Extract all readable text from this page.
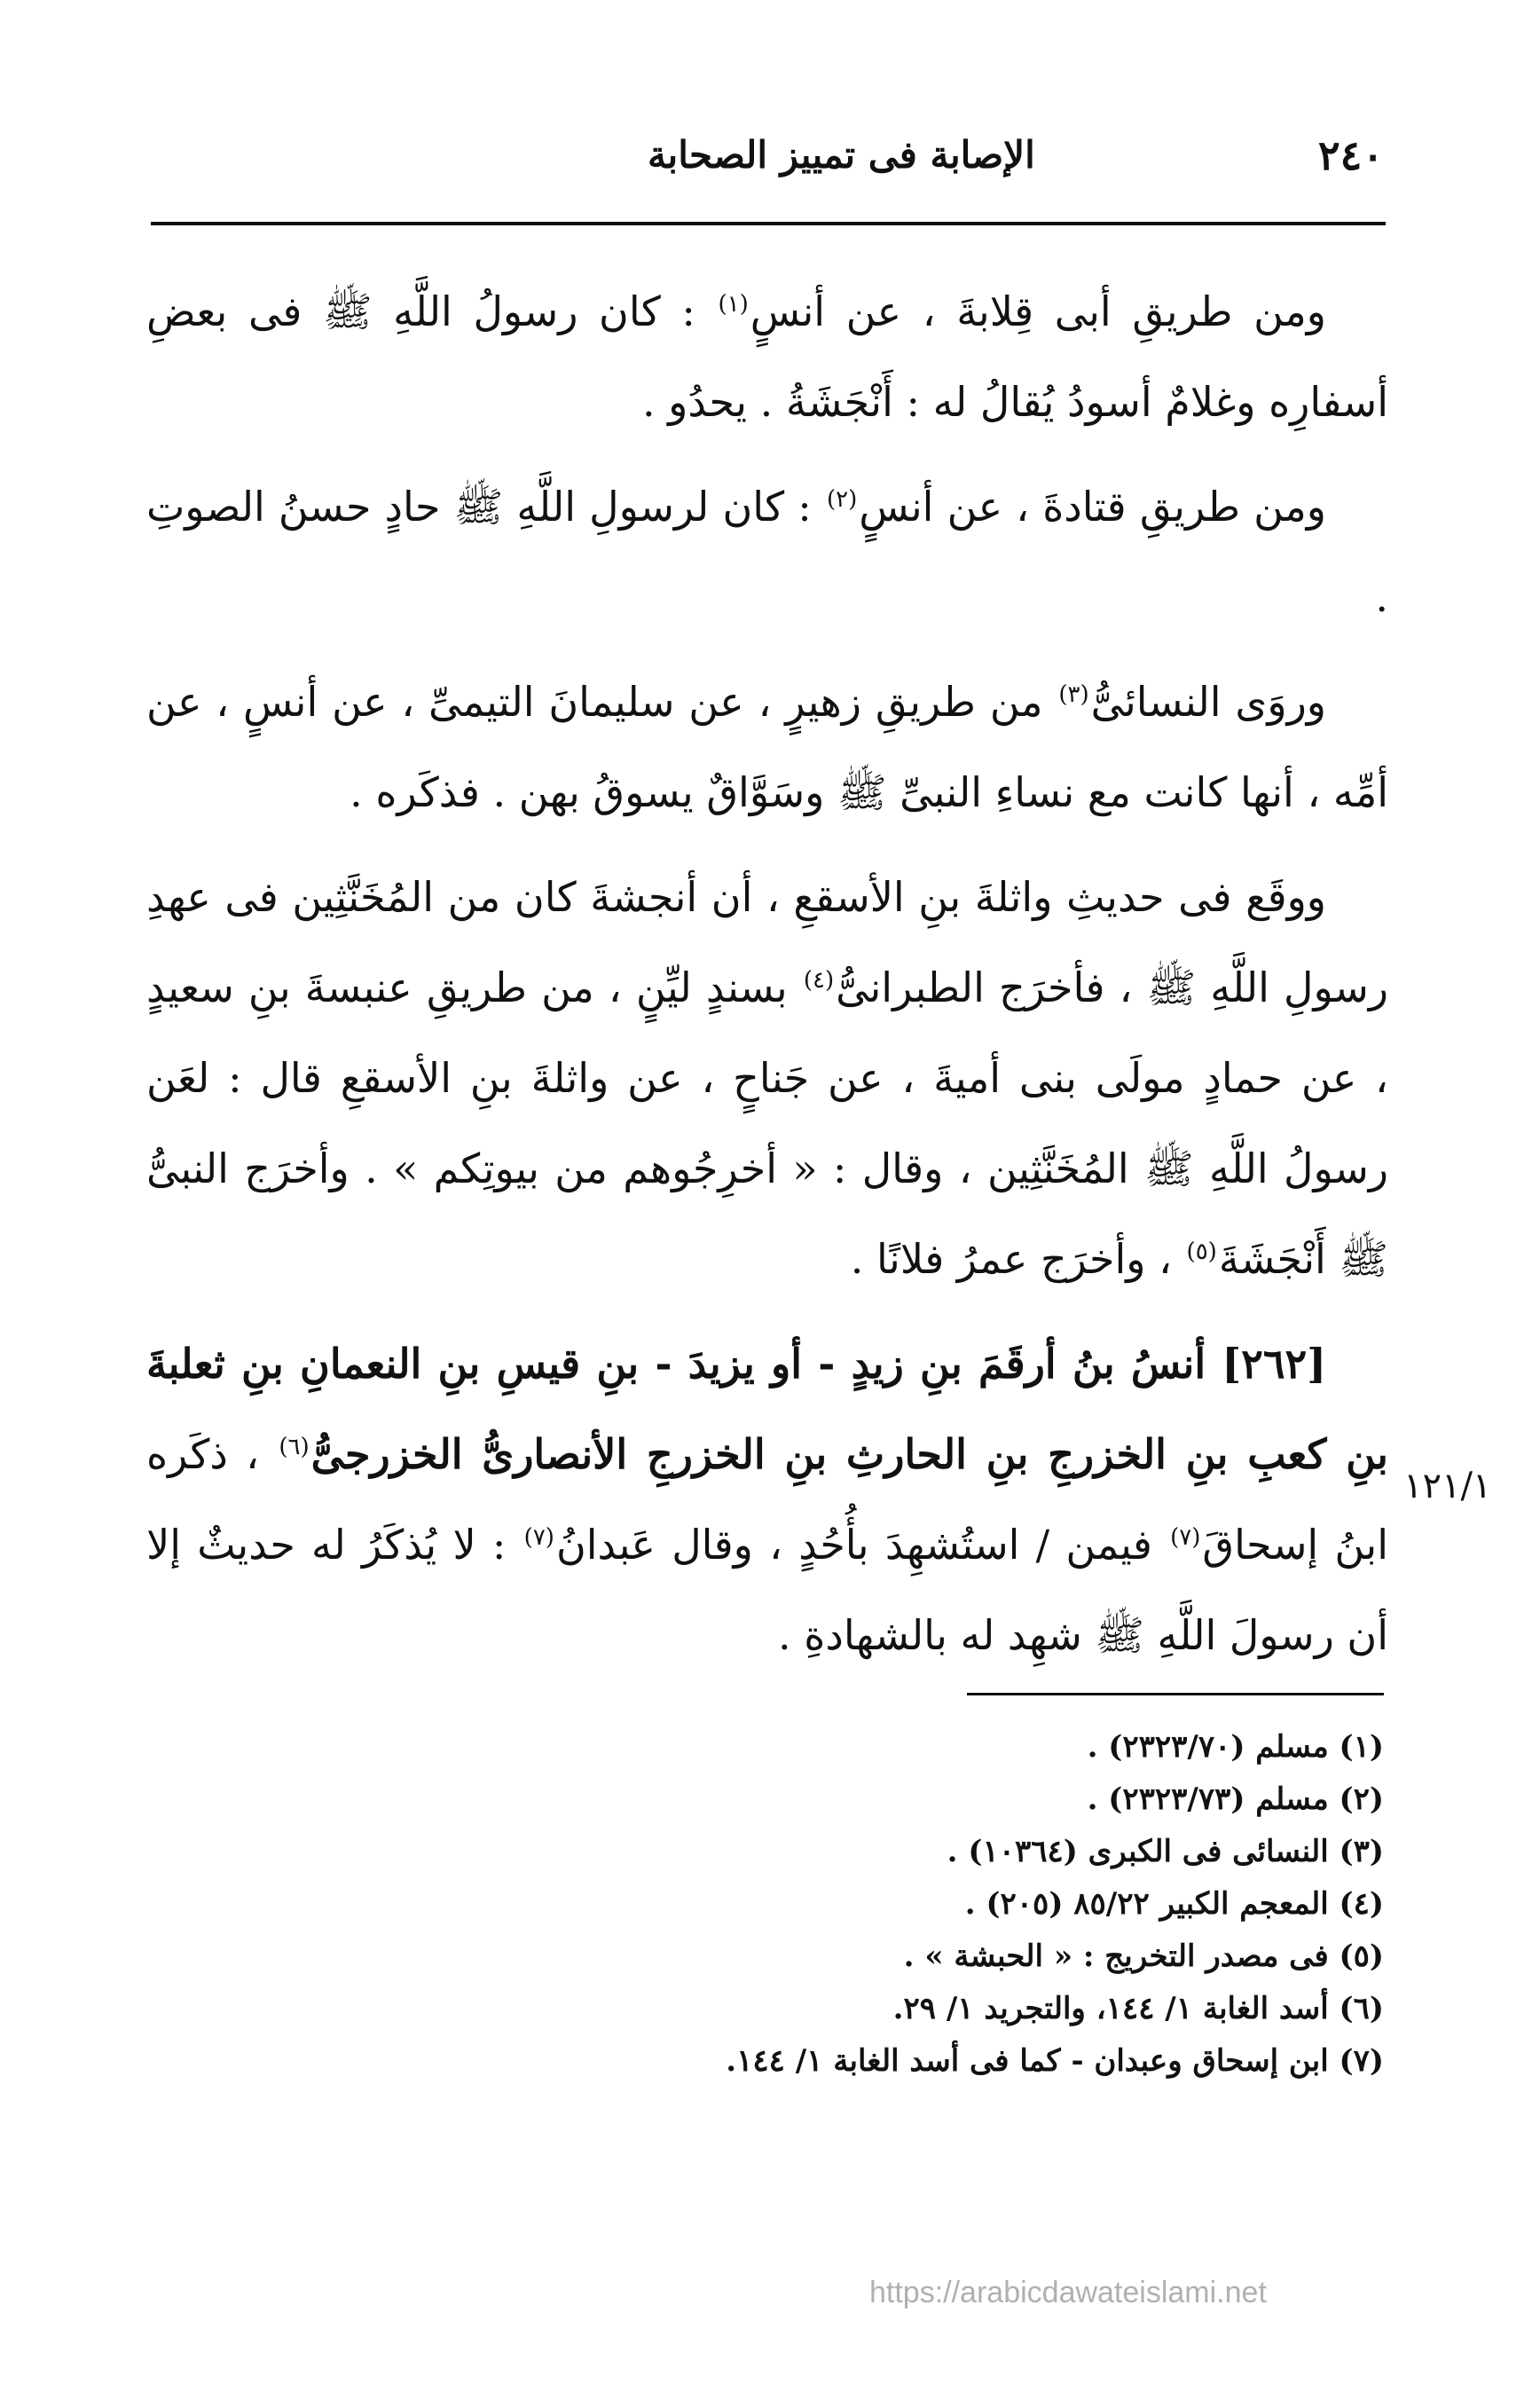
٢٤٠
الإصابة فى تمييز الصحابة

ومن طريقِ أبى قِلابةَ ، عن أنسٍ$^{(١)}$ : كان رسولُ اللَّهِ ﷺ فى بعضِ أسفارِه وغلامٌ أسودُ يُقالُ له : أَنْجَشَةُ . يحدُو .

ومن طريقِ قتادةَ ، عن أنسٍ$^{(٢)}$ : كان لرسولِ اللَّهِ ﷺ حادٍ حسنُ الصوتِ .

وروَى النسائىُّ$^{(٣)}$ من طريقِ زهيرٍ ، عن سليمانَ التيمىِّ ، عن أنسٍ ، عن أمِّه ، أنها كانت مع نساءِ النبىِّ ﷺ وسَوَّاقٌ يسوقُ بهن . فذكَره .

ووقَع فى حديثِ واثلةَ بنِ الأسقعِ ، أن أنجشةَ كان من المُخَنَّثِين فى عهدِ رسولِ اللَّهِ ﷺ ، فأخرَج الطبرانىُّ$^{(٤)}$ بسندٍ ليِّنٍ ، من طريقِ عنبسةَ بنِ سعيدٍ ، عن حمادٍ مولَى بنى أميةَ ، عن جَناحٍ ، عن واثلةَ بنِ الأسقعِ قال : لعَن رسولُ اللَّهِ ﷺ المُخَنَّثِين ، وقال : « أخرِجُوهم من بيوتِكم » . وأخرَج النبىُّ ﷺ أَنْجَشَةَ$^{(٥)}$ ، وأخرَج عمرُ فلانًا .

[٢٦٢] أنسُ بنُ أرقَمَ بنِ زيدٍ - أو يزيدَ - بنِ قيسِ بنِ النعمانِ بنِ ثعلبةَ بنِ كعبِ بنِ الخزرجِ بنِ الحارثِ بنِ الخزرجِ الأنصارىُّ الخزرجىُّ$^{(٦)}$ ، ذكَره ابنُ إسحاقَ$^{(٧)}$ فيمن / استُشهِدَ بأُحُدٍ ، وقال عَبدانُ$^{(٧)}$ : لا يُذكَرُ له حديثٌ إلا أن رسولَ اللَّهِ ﷺ شهِد له بالشهادةِ .

١٢١/١
(١) مسلم (٢٣٢٣/٧٠) .
(٢) مسلم (٢٣٢٣/٧٣) .
(٣) النسائى فى الكبرى (١٠٣٦٤) .
(٤) المعجم الكبير ٨٥/٢٢ (٢٠٥) .
(٥) فى مصدر التخريج : « الحبشة » .
(٦) أسد الغابة ١/ ١٤٤، والتجريد ١/ ٢٩.
(٧) ابن إسحاق وعبدان - كما فى أسد الغابة ١/ ١٤٤.
https://arabicdawateislami.net
